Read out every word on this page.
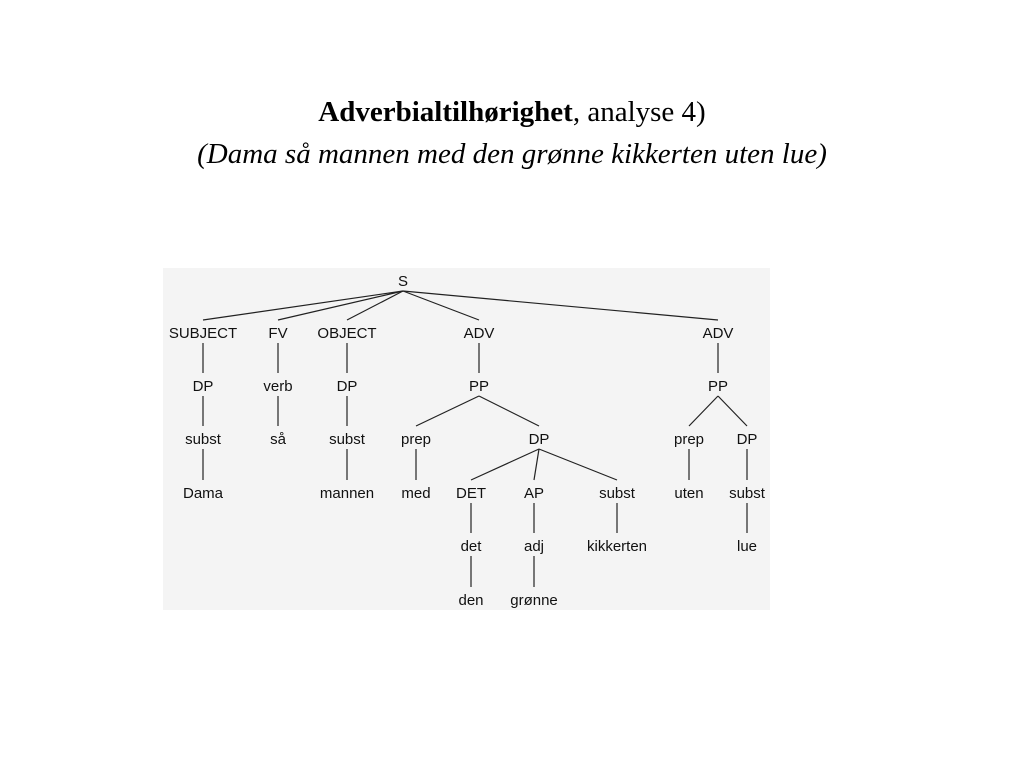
Adverbialtilhørighet, analyse 4)
(Dama så mannen med den grønne kikkerten uten lue)
S
SUBJECT FV OBJECT	ADV	ADV
DP	verb	DP	PP	PP
subst	så	subst prep	DP	prep DP
Dama	mannen med DET	AP	subst	uten subst
det	adj	kikkerten	lue
den grønne
